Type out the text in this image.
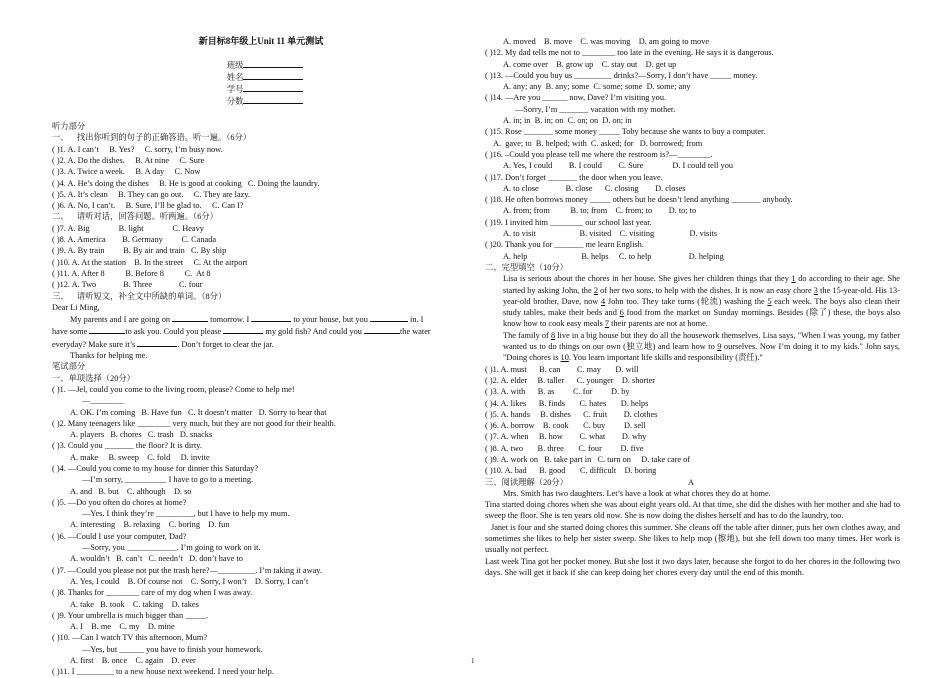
新目标8年级上Unit 11 单元测试

班级
姓名
学号
分数

听力部分
一、    找出你听到的句子的正确答语。听一遍。（6分）
( )1. A. I can’t     B. Yes?     C. sorry, I’m busy now.
( )2. A. Do the dishes.     B. At nine     C. Sure
( )3. A. Twice a week.     B. A day     C. Now
( )4. A. He’s doing the dishes     B. He is good at cooking   C. Doing the laundry.
( )5. A. It’s clean     B. They can go out.     C. They are lazy.
( )6. A. No, I can’t.     B. Sure, I’ll be glad to.     C. Can I?
二、    请听对话，回答问题。听两遍。（6分）
( )7. A. Big              B. light              C. Heavy
( )8. A. America        B. Germany         C. Canada
( )9. A. By train         B. By air and train   C. By ship
( )10. A. At the station    B. In the street     C. At the airport
( )11. A. After 8          B. Before 8          C.  At 8
( )12. A. Two             B. Three             C. four
三、    请听短文，补全文中所缺的单词。（8分）
Dear Li Ming,
My parents and I are going on	tomorrow. I	to your house, but you	in. I
have some	to ask you. Could you please	my gold fish? And could you	the water
everyday? Make sure it’s	. Don’t forget to clear the jar.
Thanks for helping me.
笔试部分
一、单项选择（20分）
( )1. —Jel, could you come to the living room, please? Come to help me!
—________
A. OK. I’m coming   B. Have fun   C. It doesn’t matter   D. Sorry to hear that
( )2. Many teenagers like ________ very much, but they are not good for their health.
A. players   B. chores   C. trash   D. snacks
( )3. Could you _______ the floor? It is dirty.
A. make     B. sweep    C. fold     D. invite
( )4. —Could you come to my house for dinner this Saturday?
—I’m sorry, __________ I have to go to a meeting.
A. and   B. but    C. although    D. so
( )5. —Do you often do chores at home?
—Yes. I think they’re _________, but I have to help my mum.
A. interesting    B. relaxing    C. boring    D. fun
( )6. —Could I use your computer, Dad?
—Sorry, you ____________. I’m going to work on it.
A. wouldn’t   B. can’t   C. needn’t   D. don’t have to
( )7. —Could you please not put the trash here?—_________. I’m taking it away.
A. Yes, I could    B. Of course not    C. Sorry, I won’t    D. Sorry, I can’t
( )8. Thanks for ________ care of my dog when I was away.
A. take   B. took    C. taking    D. takes
( )9. Your umbrella is much bigger than _____.
A. I    B. me    C. my    D. mine
( )10. —Can I watch TV this afternoon, Mum?
—Yes, but ______ you have to finish your homework.
A. first    B. once    C. again    D. ever
( )11. I _________ to a new house next weekend. I need your help.
A. moved    B. move    C. was moving    D. am going to move
( )12. My dad tells me not to ________ too late in the evening. He says it is dangerous.
A. come over    B. grow up    C. stay out    D. get up
( )13. —Could you buy us _________ drinks?—Sorry, I don’t have _____ money.
A. any; any  B. any; some  C. some; some  D. some; any
( )14. —Are you ______ now, Dave? I’m visiting you.
—Sorry, I’m _______ vacation with my mother.
A. in; in  B. in; on  C. on; on  D. on; in
( )15. Rose _______ some money _____ Toby because she wants to buy a computer.
A.  gave; to  B. helped; with  C. asked; for   D. borrowed; from
( )16. –Could you please tell me where the restroom is?—________.
A. Yes, I could        B. I could        C. Sure              D. I could tell you
( )17. Don’t forget _______ the door when you leave.
A. to close             B. close      C. closing        D. closes
( )18. He often borrows money _____ others but he doesn’t lend anything _______ anybody.
A. from; from          B. to; from    C. from; to        D. to; to
( )19. I invited him ________ our school last year.
A. to visit                     B. visited    C. visiting                 D. visits
( )20. Thank you for _______ me learn English.
A. help                          B. helps     C. to help                  D. helping
二、完型填空（10分）
Lisa is serious about the chores in her house. She gives her children things that they 1 do according to their age. She started by asking John, the 2 of her two sons, to help with the dishes. It is now an easy chore 3 the 15-year-old. His 13-year-old brother, Dave, now 4 John too. They take turns (轮流) washing the 5 each week. The boys also clean their study tables, make their beds and 6 food from the market on Sunday mornings. Besides (除了) these, the boys also know how to cook easy meals 7 their parents are not at home.
The family of 8 live in a big house but they do all the housework themselves. Lisa says, "When I was young, my father wanted us to do things on our own (独立地) and learn how to 9 ourselves. Now I’m doing it to my kids." John says, "Doing chores is 10. You learn important life skills and responsibility (责任)."
( )1. A. must      B. can        C. may       D. will
( )2. A. elder     B. taller      C. younger    D. shorter
( )3. A. with      B. as         C. for         D. by
( )4. A. likes      B. finds       C. hates       D. helps
( )5. A. hands     B. dishes      C. fruit        D. clothes
( )6. A. borrow    B. cook       C. buy         D. sell
( )7. A. when     B. how        C. what        D. why
( )8. A. two       B. three       C. four         D. five
( )9. A. work on   B. take part in   C. turn on     D. take care of
( )10. A. bad      B. good       C. difficult    D. boring
三、阅读理解（20分）	A
Mrs. Smith has two daughters. Let’s have a look at what chores they do at home.
Tina started doing chores when she was about eight years old. At that time, she did the dishes with her mother and she had to sweep the floor. She is ten years old now. She is now doing the dishes herself and has to do the laundry, too.
Janet is four and she started doing chores this summer. She cleans off the table after dinner, puts her own clothes away, and sometimes she likes to help her sister sweep. She likes to help mop (擦地), but she fell down too many times. Her work is usually not perfect.
Last week Tina got her pocket money. But she lost it two days later, because she forgot to do her chores in the following two days. She will get it back if she can keep doing her chores every day until the end of this month.
1
